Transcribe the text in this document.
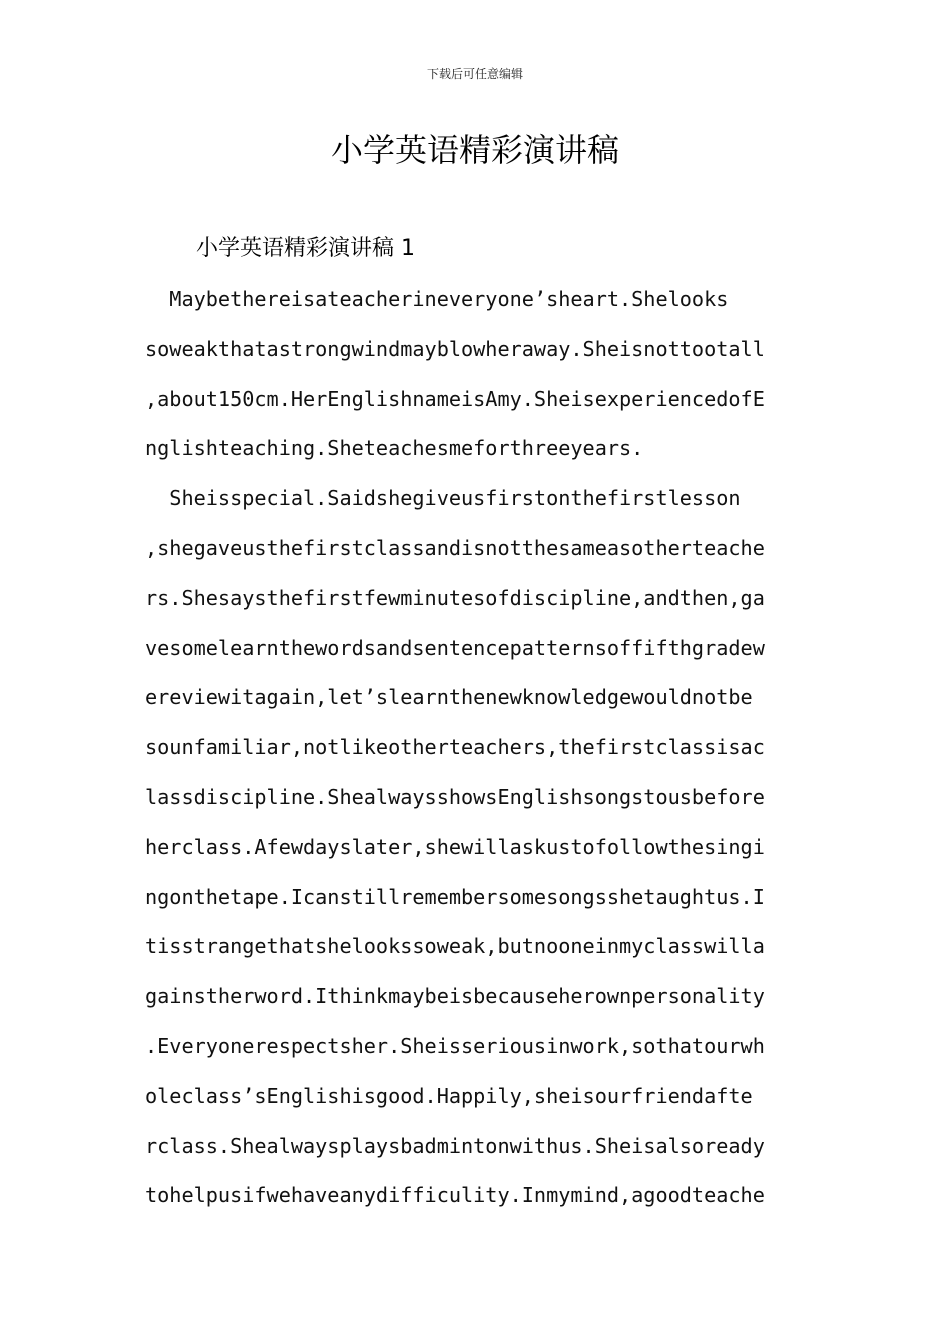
下载后可任意编辑
小学英语精彩演讲稿
小学英语精彩演讲稿 1
Maybethereisateacherineveryone’sheart.Shelooks
soweakthatastrongwindmayblowheraway.Sheisnottootall
,about150cm.HerEnglishnameisAmy.SheisexperiencedofE
nglishteaching.Sheteachesmeforthreeyears.
Sheisspecial.Saidshegiveusfirstonthefirstlesson
,shegaveusthefirstclassandisnotthesameasotherteache
rs.Shesaysthefirstfewminutesofdiscipline,andthen,ga
vesomelearnthewordsandsentencepatternsoffifthgradew
ereviewitagain,let’slearnthenewknowledgewouldnotbe
sounfamiliar,notlikeotherteachers,thefirstclassisac
lassdiscipline.ShealwaysshowsEnglishsongstousbefore
herclass.Afewdayslater,shewillaskustofollowthesingi
ngonthetape.Icanstillremembersomesongsshetaughtus.I
tisstrangethatshelookssoweak,butnooneinmyclasswilla
gainstherword.Ithinkmaybeisbecauseherownpersonality
.Everyonerespectsher.Sheisseriousinwork,sothatourwh
oleclass’sEnglishisgood.Happily,sheisourfriendafte
rclass.Shealwaysplaysbadmintonwithus.Sheisalsoready
tohelpusifwehaveanydifficulity.Inmymind,agoodteache
